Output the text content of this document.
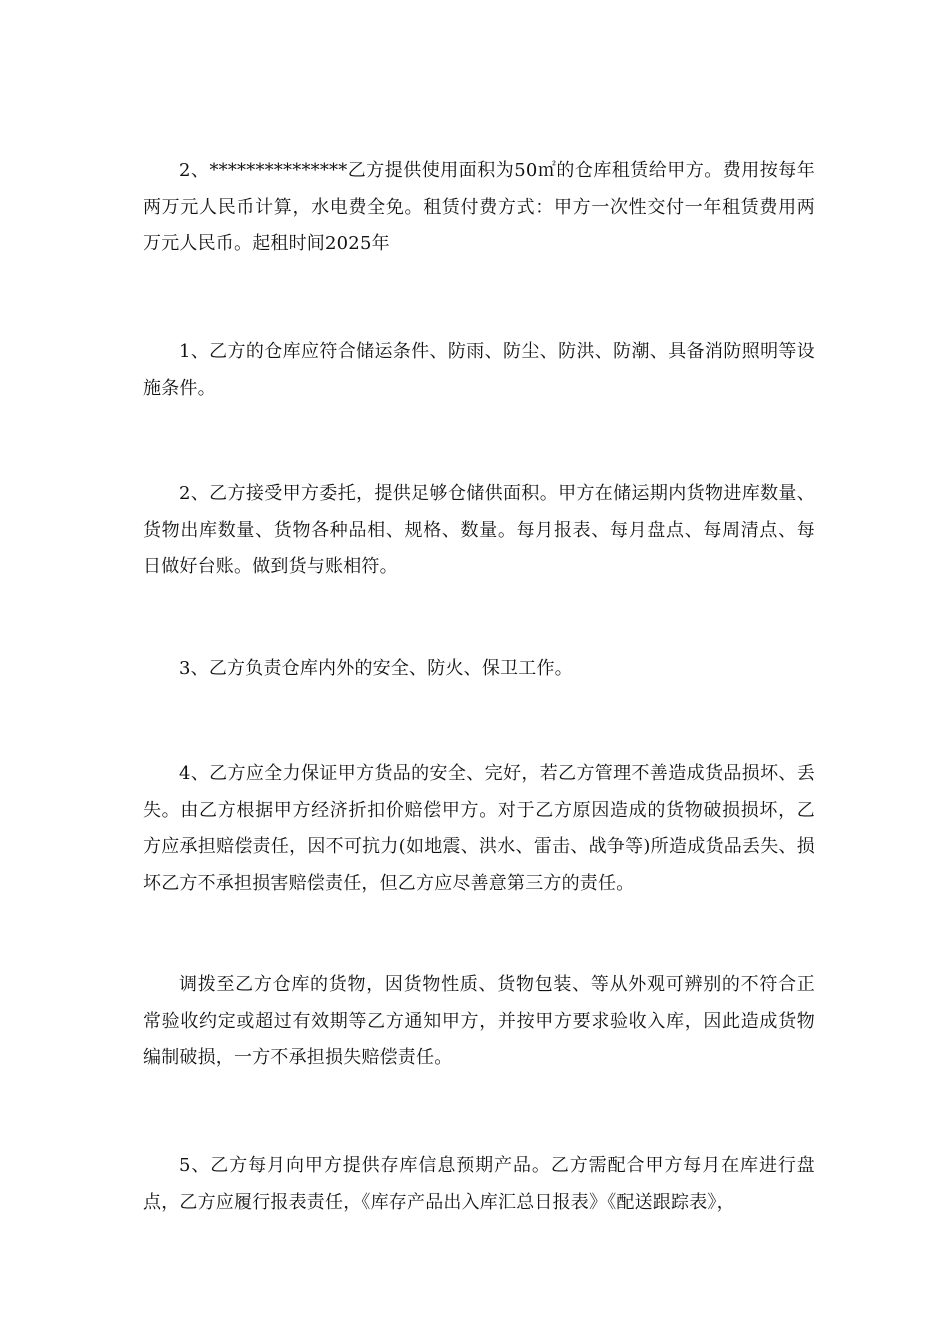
2、***************乙方提供使用面积为50㎡的仓库租赁给甲方。费用按每年两万元人民币计算，水电费全免。租赁付费方式：甲方一次性交付一年租赁费用两万元人民币。起租时间2025年

1、乙方的仓库应符合储运条件、防雨、防尘、防洪、防潮、具备消防照明等设施条件。

2、乙方接受甲方委托，提供足够仓储供面积。甲方在储运期内货物进库数量、货物出库数量、货物各种品相、规格、数量。每月报表、每月盘点、每周清点、每日做好台账。做到货与账相符。

3、乙方负责仓库内外的安全、防火、保卫工作。

4、乙方应全力保证甲方货品的安全、完好，若乙方管理不善造成货品损坏、丢失。由乙方根据甲方经济折扣价赔偿甲方。对于乙方原因造成的货物破损损坏，乙方应承担赔偿责任，因不可抗力(如地震、洪水、雷击、战争等)所造成货品丢失、损坏乙方不承担损害赔偿责任，但乙方应尽善意第三方的责任。

调拨至乙方仓库的货物，因货物性质、货物包装、等从外观可辨别的不符合正常验收约定或超过有效期等乙方通知甲方，并按甲方要求验收入库，因此造成货物编制破损，一方不承担损失赔偿责任。

5、乙方每月向甲方提供存库信息预期产品。乙方需配合甲方每月在库进行盘点，乙方应履行报表责任，《库存产品出入库汇总日报表》《配送跟踪表》，
